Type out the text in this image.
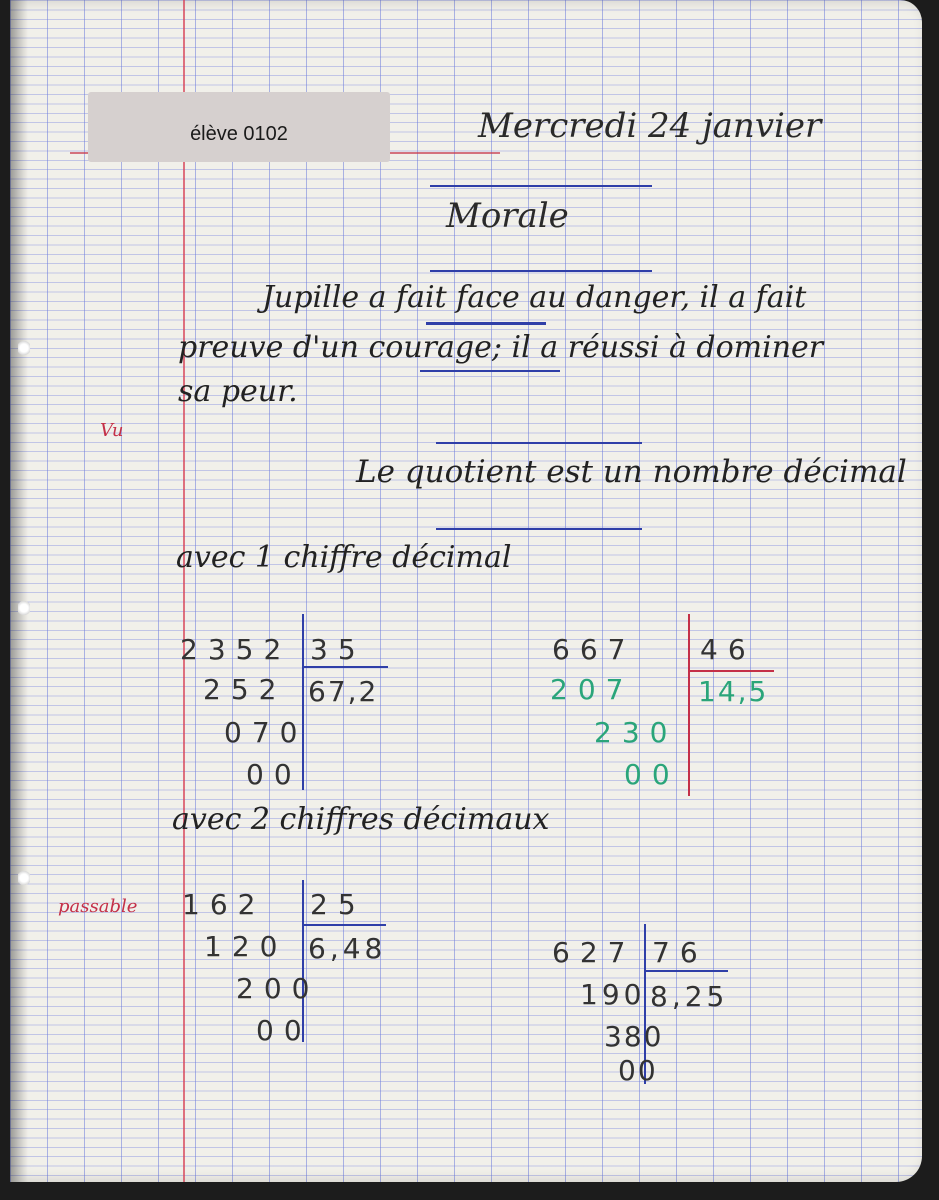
élève 0102	Mercredi 24 janvier
Morale
Jupille a fait face au danger, il a fait
preuve d'un courage; il a réussi à dominer
sa peur.
Vu
Le quotient est un nombre décimal
avec 1 chiffre décimal
2352 35
252 67,2
070
00
667 46
207 14,5
230
00
avec 2 chiffres décimaux
passable 162 25
120 6,48
200
00
627 76
190 8,25
380
00
